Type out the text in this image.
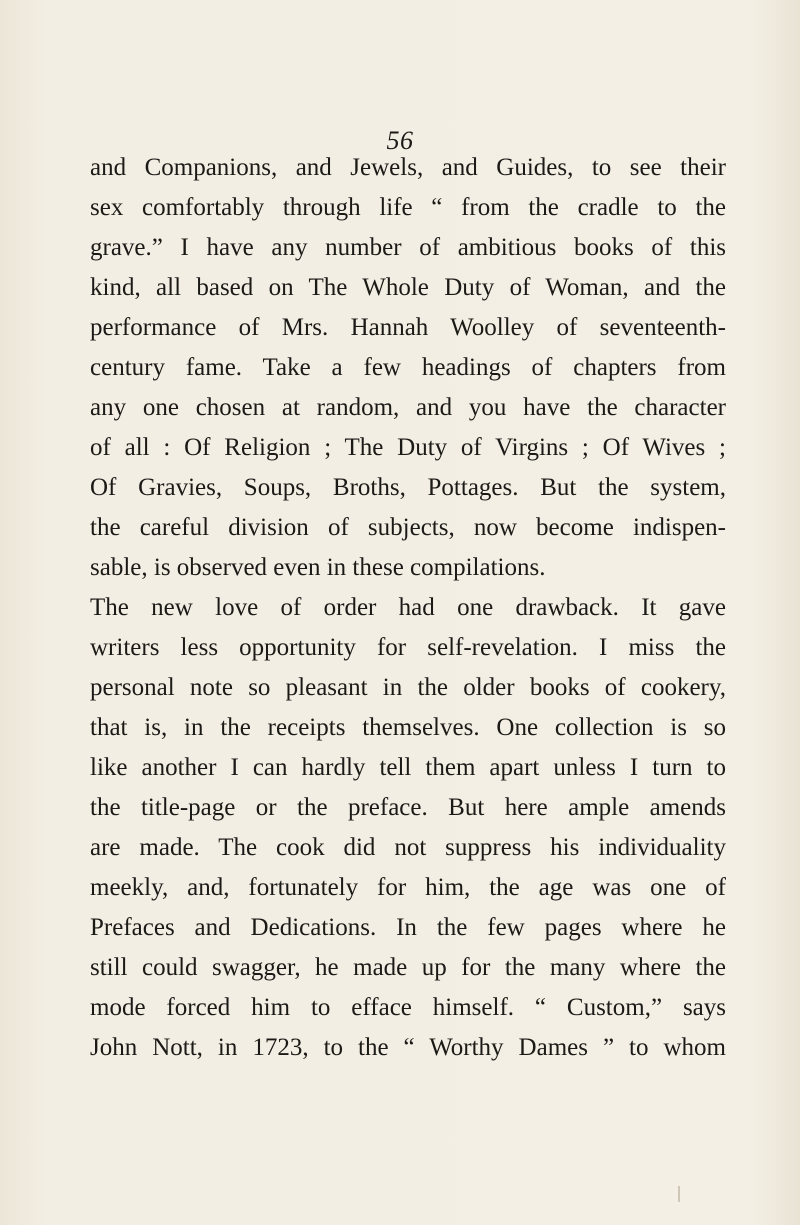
56
and Companions, and Jewels, and Guides, to see their
sex comfortably through life “ from the cradle to the
grave.” I have any number of ambitious books of this
kind, all based on The Whole Duty of Woman, and the
performance of Mrs. Hannah Woolley of seventeenth-
century fame. Take a few headings of chapters from
any one chosen at random, and you have the character
of all : Of Religion ; The Duty of Virgins ; Of Wives ;
Of Gravies, Soups, Broths, Pottages. But the system,
the careful division of subjects, now become indispen-
sable, is observed even in these compilations.
The new love of order had one drawback. It gave
writers less opportunity for self-revelation. I miss the
personal note so pleasant in the older books of cookery,
that is, in the receipts themselves. One collection is so
like another I can hardly tell them apart unless I turn to
the title-page or the preface. But here ample amends
are made. The cook did not suppress his individuality
meekly, and, fortunately for him, the age was one of
Prefaces and Dedications. In the few pages where he
still could swagger, he made up for the many where the
mode forced him to efface himself. “ Custom,” says
John Nott, in 1723, to the “ Worthy Dames ” to whom
